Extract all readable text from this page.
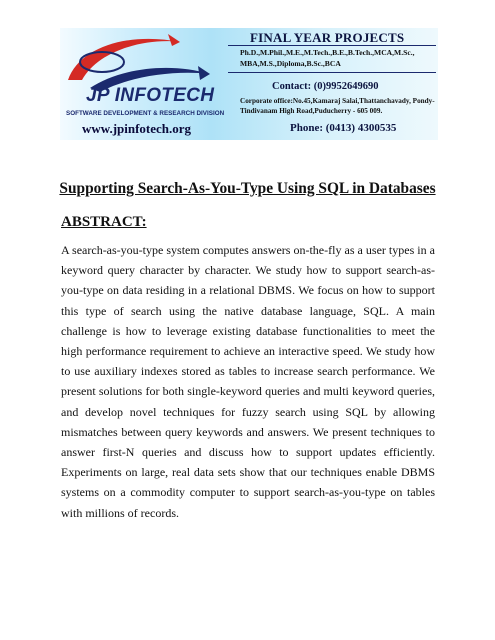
JP INFOTECH
SOFTWARE DEVELOPMENT & RESEARCH DIVISION
www.jpinfotech.org
FINAL YEAR PROJECTS
Ph.D.,M.Phil.,M.E.,M.Tech.,B.E.,B.Tech.,MCA,M.Sc., MBA,M.S.,Diploma,B.Sc.,BCA
Contact: (0)9952649690
Corporate office:No.45,Kamaraj Salai,Thattanchavady, Pondy-Tindivanam High Road,Puducherry - 605 009.
Phone: (0413) 4300535
Supporting Search-As-You-Type Using SQL in Databases
ABSTRACT:

A search-as-you-type system computes answers on-the-fly as a user types in a keyword query character by character. We study how to support search-as-you-type on data residing in a relational DBMS. We focus on how to support this type of search using the native database language, SQL. A main challenge is how to leverage existing database functionalities to meet the high performance requirement to achieve an interactive speed. We study how to use auxiliary indexes stored as tables to increase search performance. We present solutions for both single-keyword queries and multi keyword queries, and develop novel techniques for fuzzy search using SQL by allowing mismatches between query keywords and answers. We present techniques to answer first-N queries and discuss how to support updates efficiently. Experiments on large, real data sets show that our techniques enable DBMS systems on a commodity computer to support search-as-you-type on tables with millions of records.
